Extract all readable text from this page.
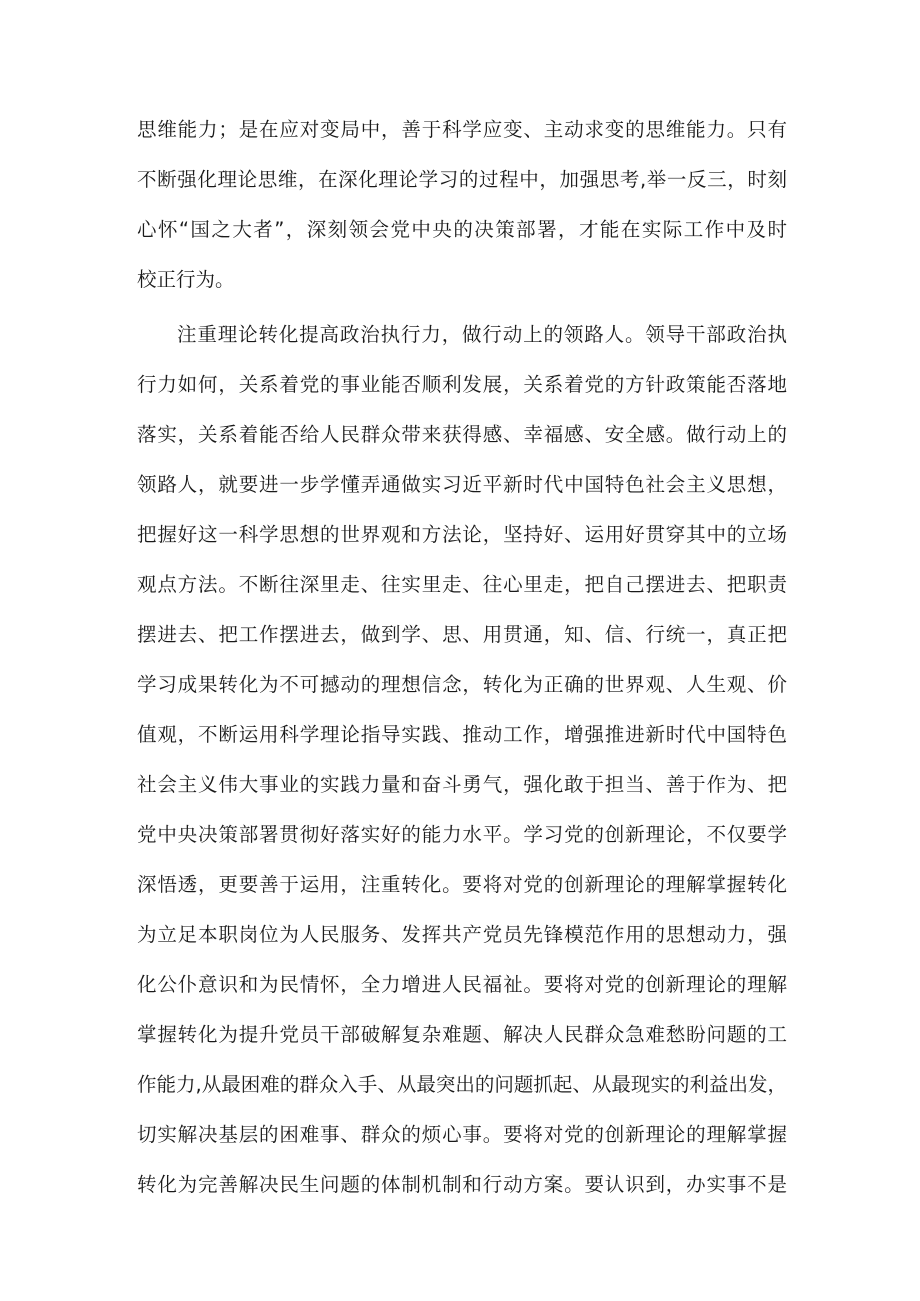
思维能力；是在应对变局中，善于科学应变、主动求变的思维能力。只有
不断强化理论思维，在深化理论学习的过程中，加强思考,举一反三，时刻
心怀“国之大者”，深刻领会党中央的决策部署，才能在实际工作中及时
校正行为。
注重理论转化提高政治执行力，做行动上的领路人。领导干部政治执
行力如何，关系着党的事业能否顺利发展，关系着党的方针政策能否落地
落实，关系着能否给人民群众带来获得感、幸福感、安全感。做行动上的
领路人，就要进一步学懂弄通做实习近平新时代中国特色社会主义思想，
把握好这一科学思想的世界观和方法论，坚持好、运用好贯穿其中的立场
观点方法。不断往深里走、往实里走、往心里走，把自己摆进去、把职责
摆进去、把工作摆进去，做到学、思、用贯通，知、信、行统一，真正把
学习成果转化为不可撼动的理想信念，转化为正确的世界观、人生观、价
值观，不断运用科学理论指导实践、推动工作，增强推进新时代中国特色
社会主义伟大事业的实践力量和奋斗勇气，强化敢于担当、善于作为、把
党中央决策部署贯彻好落实好的能力水平。学习党的创新理论，不仅要学
深悟透，更要善于运用，注重转化。要将对党的创新理论的理解掌握转化
为立足本职岗位为人民服务、发挥共产党员先锋模范作用的思想动力，强
化公仆意识和为民情怀，全力增进人民福祉。要将对党的创新理论的理解
掌握转化为提升党员干部破解复杂难题、解决人民群众急难愁盼问题的工
作能力,从最困难的群众入手、从最突出的问题抓起、从最现实的利益出发，
切实解决基层的困难事、群众的烦心事。要将对党的创新理论的理解掌握
转化为完善解决民生问题的体制机制和行动方案。要认识到，办实事不是
